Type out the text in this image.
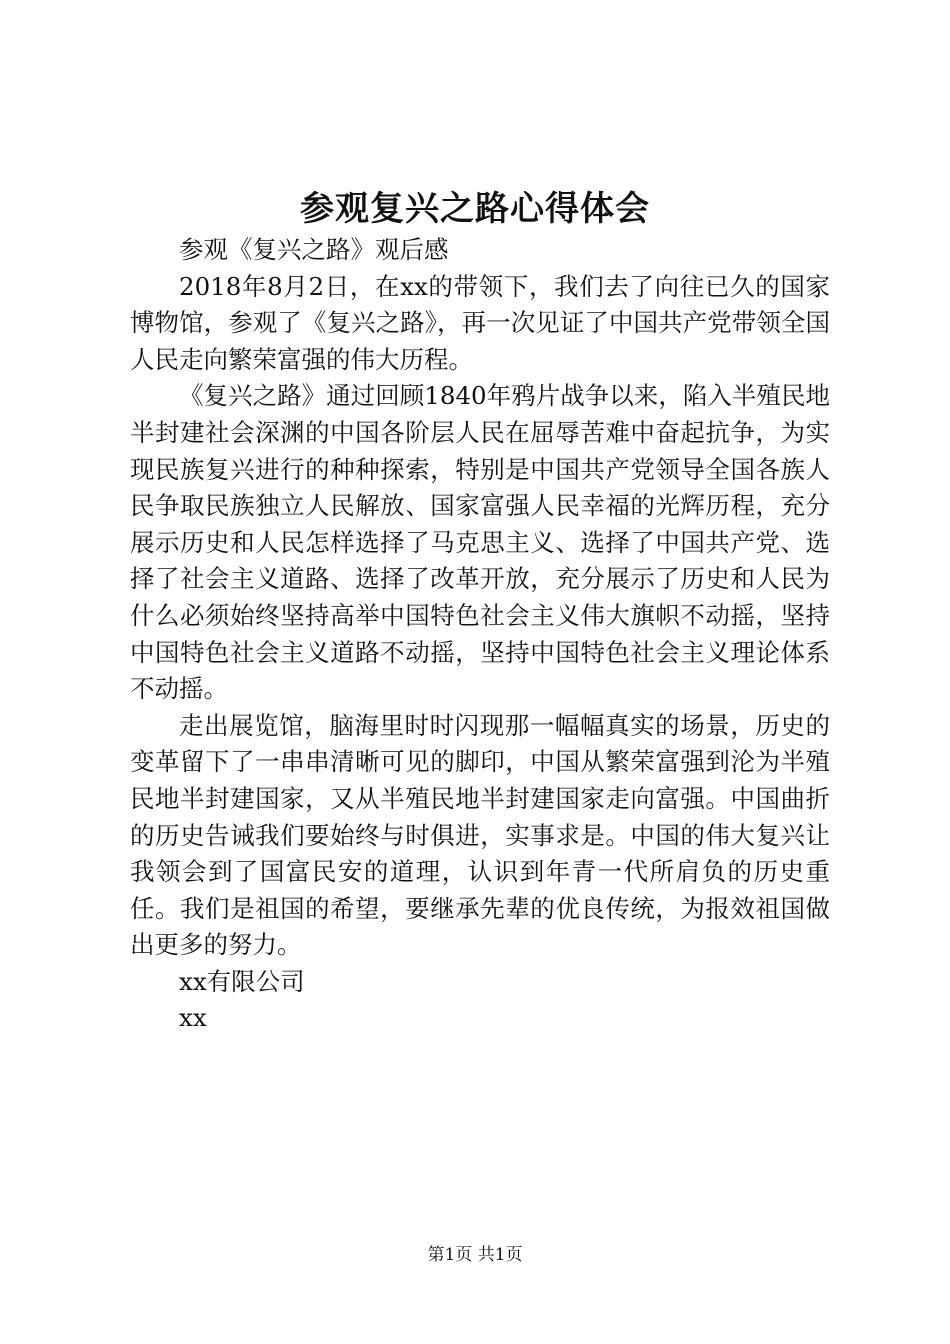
参观复兴之路心得体会

参观《复兴之路》观后感

2018年8月2日，在xx的带领下，我们去了向往已久的国家博物馆，参观了《复兴之路》，再一次见证了中国共产党带领全国人民走向繁荣富强的伟大历程。

《复兴之路》通过回顾1840年鸦片战争以来，陷入半殖民地半封建社会深渊的中国各阶层人民在屈辱苦难中奋起抗争，为实现民族复兴进行的种种探索，特别是中国共产党领导全国各族人民争取民族独立人民解放、国家富强人民幸福的光辉历程，充分展示历史和人民怎样选择了马克思主义、选择了中国共产党、选择了社会主义道路、选择了改革开放，充分展示了历史和人民为什么必须始终坚持高举中国特色社会主义伟大旗帜不动摇，坚持中国特色社会主义道路不动摇，坚持中国特色社会主义理论体系不动摇。

走出展览馆，脑海里时时闪现那一幅幅真实的场景，历史的变革留下了一串串清晰可见的脚印，中国从繁荣富强到沦为半殖民地半封建国家，又从半殖民地半封建国家走向富强。中国曲折的历史告诫我们要始终与时俱进，实事求是。中国的伟大复兴让我领会到了国富民安的道理，认识到年青一代所肩负的历史重任。我们是祖国的希望，要继承先辈的优良传统，为报效祖国做出更多的努力。

xx有限公司

xx

第1页 共1页
